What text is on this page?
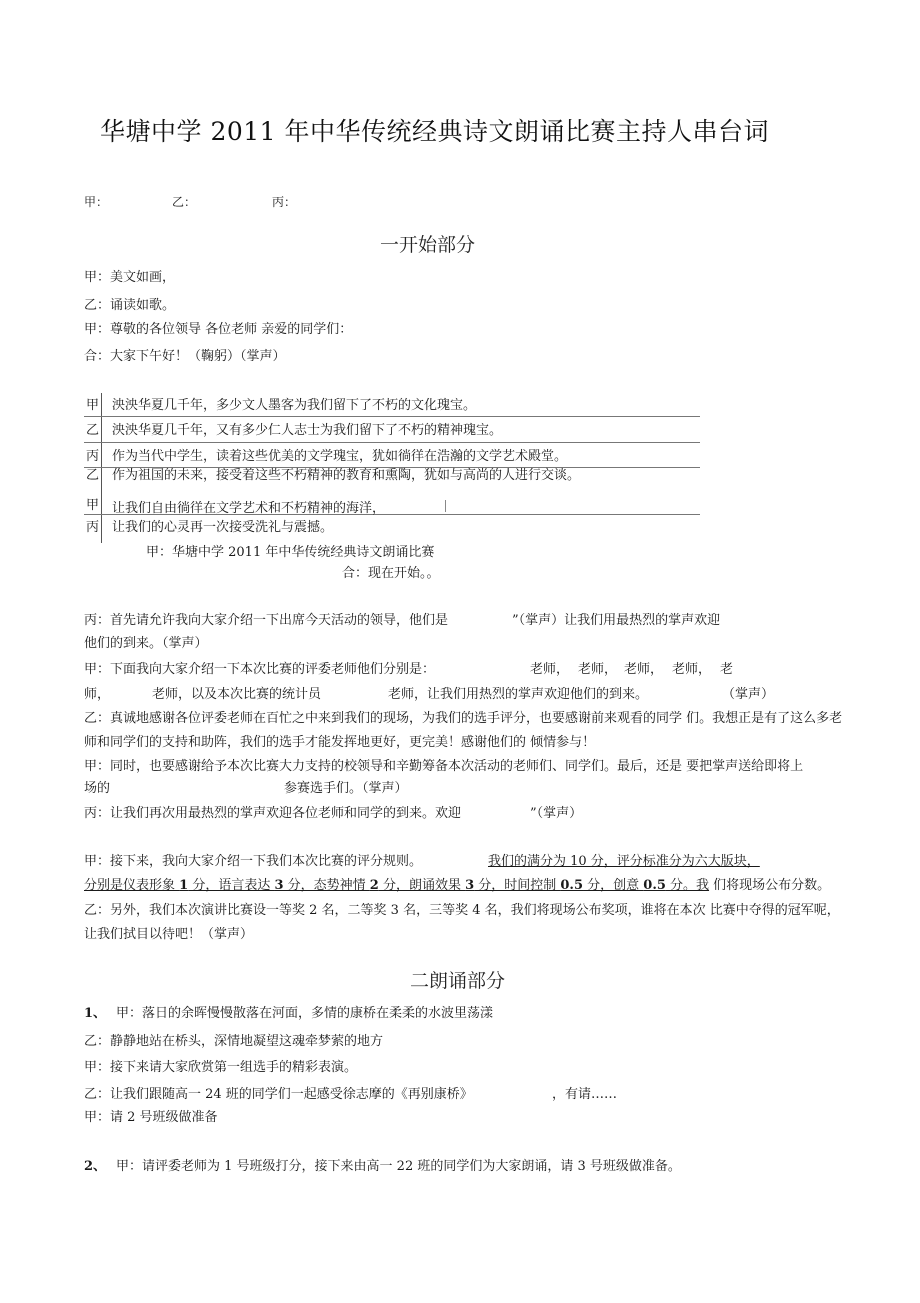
华塘中学 2011 年中华传统经典诗文朗诵比赛主持人串台词
甲：	乙：	丙：
一开始部分
甲：美文如画，
乙：诵读如歌。
甲：尊敬的各位领导 各位老师 亲爱的同学们：
合：大家下午好！（鞠躬）（掌声）
甲 泱泱华夏几千年，多少文人墨客为我们留下了不朽的文化瑰宝。
乙 泱泱华夏几千年，又有多少仁人志士为我们留下了不朽的精神瑰宝。
丙 作为当代中学生，读着这些优美的文学瑰宝，犹如徜徉在浩瀚的文学艺术殿堂。
乙 作为祖国的未来，接受着这些不朽精神的教育和熏陶，犹如与高尚的人进行交谈。
甲 让我们自由徜徉在文学艺术和不朽精神的海洋，
丙 让我们的心灵再一次接受洗礼与震撼。
甲：华塘中学 2011 年中华传统经典诗文朗诵比赛
合：现在开始。。
丙：首先请允许我向大家介绍一下出席今天活动的领导，他们是	”（掌声）让我们用最热烈的掌声欢迎
他们的到来。（掌声）
甲：下面我向大家介绍一下本次比赛的评委老师他们分别是：	老师， 老师， 老师， 老师， 老
师，	老师，以及本次比赛的统计员	老师，让我们用热烈的掌声欢迎他们的到来。	（掌声）
乙：真诚地感谢各位评委老师在百忙之中来到我们的现场，为我们的选手评分，也要感谢前来观看的同学 们。我想正是有了这么多老师和同学们的支持和助阵，我们的选手才能发挥地更好，更完美！感谢他们的 倾情参与！
甲：同时，也要感谢给予本次比赛大力支持的校领导和辛勤筹备本次活动的老师们、同学们。最后，还是 要把掌声送给即将上
场的	参赛选手们。（掌声）
丙：让我们再次用最热烈的掌声欢迎各位老师和同学的到来。欢迎	”（掌声）
甲：接下来，我向大家介绍一下我们本次比赛的评分规则。	我们的满分为 10 分，评分标准分为六大版块，
分别是仪表形象 1 分，语言表达 3 分，态势神情 2 分，朗诵效果 3 分，时间控制 0.5 分，创意 0.5 分。我 们将现场公布分数。
乙：另外，我们本次演讲比赛设一等奖 2 名，二等奖 3 名，三等奖 4 名，我们将现场公布奖项，谁将在本次 比赛中夺得的冠军呢，让我们拭目以待吧！（掌声）
二朗诵部分
1、 甲：落日的余晖慢慢散落在河面，多情的康桥在柔柔的水波里荡漾
乙：静静地站在桥头，深情地凝望这魂牵梦萦的地方
甲：接下来请大家欣赏第一组选手的精彩表演。
乙：让我们跟随高一 24 班的同学们一起感受徐志摩的《再别康桥》	，有请……
甲：请 2 号班级做准备
2、 甲：请评委老师为 1 号班级打分，接下来由高一 22 班的同学们为大家朗诵，请 3 号班级做准备。
